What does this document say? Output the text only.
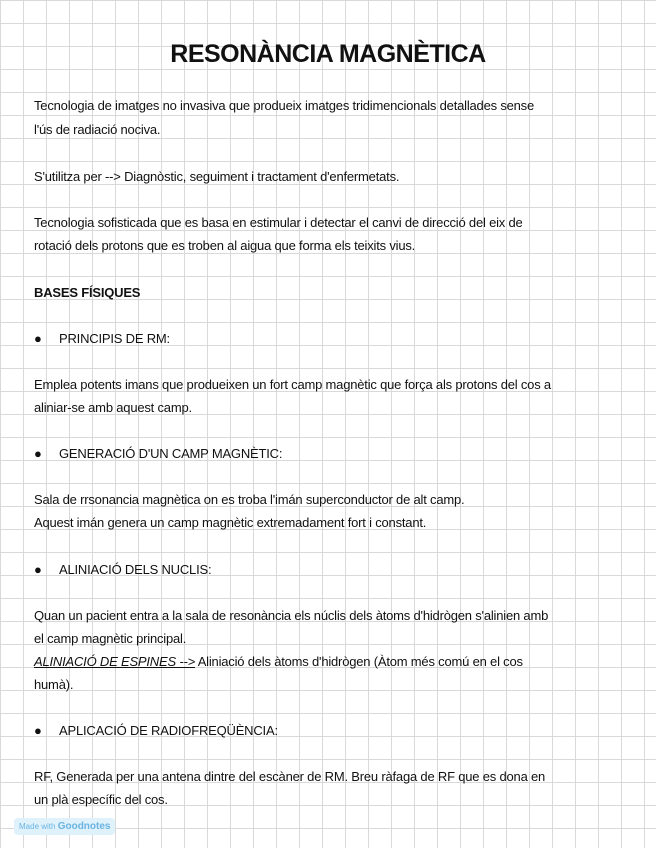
RESONÀNCIA MAGNÈTICA
Tecnologia de imatges no invasiva que produeix imatges tridimencionals detallades sense
l'ús de radiació nociva.
S'utilitza per --> Diagnòstic, seguiment i tractament d'enfermetats.
Tecnologia sofisticada que es basa en estimular i detectar el canvi de direcció del eix de
rotació dels protons que es troben al aigua que forma els teixits vius.
BASES FÍSIQUES
● PRINCIPIS DE RM:
Emplea potents imans que produeixen un fort camp magnètic que força als protons del cos a
aliniar-se amb aquest camp.
● GENERACIÓ D'UN CAMP MAGNÈTIC:
Sala de rrsonancia magnètica on es troba l'imán superconductor de alt camp.
Aquest imán genera un camp magnètic extremadament fort i constant.
● ALINIACIÓ DELS NUCLIS:
Quan un pacient entra a la sala de resonància els núclis dels àtoms d'hidrògen s'alinien amb
el camp magnètic principal.
ALINIACIÓ DE ESPINES --> Aliniació dels àtoms d'hidrògen (Àtom més comú en el cos
humà).
● APLICACIÓ DE RADIOFREQÜÈNCIA:
RF, Generada per una antena dintre del escàner de RM. Breu ràfaga de RF que es dona en
un plà específic del cos.
Made with Goodnotes
